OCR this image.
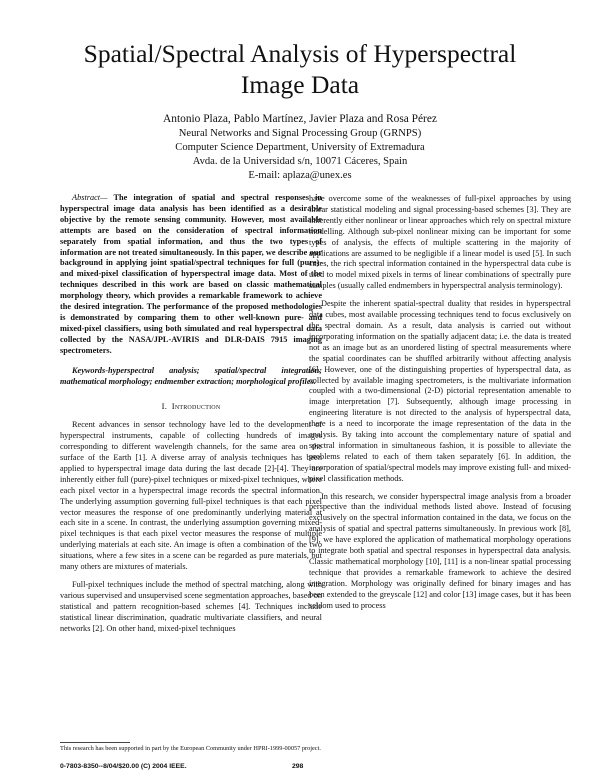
Spatial/Spectral Analysis of Hyperspectral
Image Data
Antonio Plaza, Pablo Martínez, Javier Plaza and Rosa Pérez
Neural Networks and Signal Processing Group (GRNPS)
Computer Science Department, University of Extremadura
Avda. de la Universidad s/n, 10071 Cáceres, Spain
E-mail: aplaza@unex.es

Abstract— The integration of spatial and spectral responses in hyperspectral image data analysis has been identified as a desirable objective by the remote sensing community. However, most available attempts are based on the consideration of spectral information separately from spatial information, and thus the two types of information are not treated simultaneously. In this paper, we describe our background in applying joint spatial/spectral techniques for full (pure)- and mixed-pixel classification of hyperspectral image data. Most of the techniques described in this work are based on classic mathematical morphology theory, which provides a remarkable framework to achieve the desired integration. The performance of the proposed methodologies is demonstrated by comparing them to other well-known pure- and mixed-pixel classifiers, using both simulated and real hyperspectral data collected by the NASA/JPL-AVIRIS and DLR-DAIS 7915 imaging spectrometers.

Keywords-hyperspectral analysis; spatial/spectral integration; mathematical morphology; endmember extraction; morphological profiles.

I. Introduction

Recent advances in sensor technology have led to the development of hyperspectral instruments, capable of collecting hundreds of images corresponding to different wavelength channels, for the same area on the surface of the Earth [1]. A diverse array of analysis techniques has been applied to hyperspectral image data during the last decade [2]-[4]. They are inherently either full (pure)-pixel techniques or mixed-pixel techniques, where each pixel vector in a hyperspectral image records the spectral information. The underlying assumption governing full-pixel techniques is that each pixel vector measures the response of one predominantly underlying material at each site in a scene. In contrast, the underlying assumption governing mixed-pixel techniques is that each pixel vector measures the response of multiple underlying materials at each site. An image is often a combination of the two situations, where a few sites in a scene can be regarded as pure materials, but many others are mixtures of materials.

Full-pixel techniques include the method of spectral matching, along with various supervised and unsupervised scene segmentation approaches, based on statistical and pattern recognition-based schemes [4]. Techniques include statistical linear discrimination, quadratic multivariate classifiers, and neural networks [2]. On other hand, mixed-pixel techniques

have overcome some of the weaknesses of full-pixel approaches by using linear statistical modeling and signal processing-based schemes [3]. They are inherently either nonlinear or linear approaches which rely on spectral mixture modelling. Although sub-pixel nonlinear mixing can be important for some types of analysis, the effects of multiple scattering in the majority of applications are assumed to be negligible if a linear model is used [5]. In such cases, the rich spectral information contained in the hyperspectral data cube is used to model mixed pixels in terms of linear combinations of spectrally pure samples (usually called endmembers in hyperspectral analysis terminology).

Despite the inherent spatial-spectral duality that resides in hyperspectral data cubes, most available processing techniques tend to focus exclusively on the spectral domain. As a result, data analysis is carried out without incorporating information on the spatially adjacent data; i.e. the data is treated not as an image but as an unordered listing of spectral measurements where the spatial coordinates can be shuffled arbitrarily without affecting analysis [6]. However, one of the distinguishing properties of hyperspectral data, as collected by available imaging spectrometers, is the multivariate information coupled with a two-dimensional (2-D) pictorial representation amenable to image interpretation [7]. Subsequently, although image processing in engineering literature is not directed to the analysis of hyperspectral data, there is a need to incorporate the image representation of the data in the analysis. By taking into account the complementary nature of spatial and spectral information in simultaneous fashion, it is possible to alleviate the problems related to each of them taken separately [6]. In addition, the incorporation of spatial/spectral models may improve existing full- and mixed-pixel classification methods.

In this research, we consider hyperspectral image analysis from a broader perspective than the individual methods listed above. Instead of focusing exclusively on the spectral information contained in the data, we focus on the analysis of spatial and spectral patterns simultaneously. In previous work [8], [9], we have explored the application of mathematical morphology operations to integrate both spatial and spectral responses in hyperspectral data analysis. Classic mathematical morphology [10], [11] is a non-linear spatial processing technique that provides a remarkable framework to achieve the desired integration. Morphology was originally defined for binary images and has been extended to the greyscale [12] and color [13] image cases, but it has been seldom used to process

This research has been supported in part by the European Community under HPRI-1999-00057 project.
0-7803-8350--8/04/$20.00 (C) 2004 IEEE.	298
